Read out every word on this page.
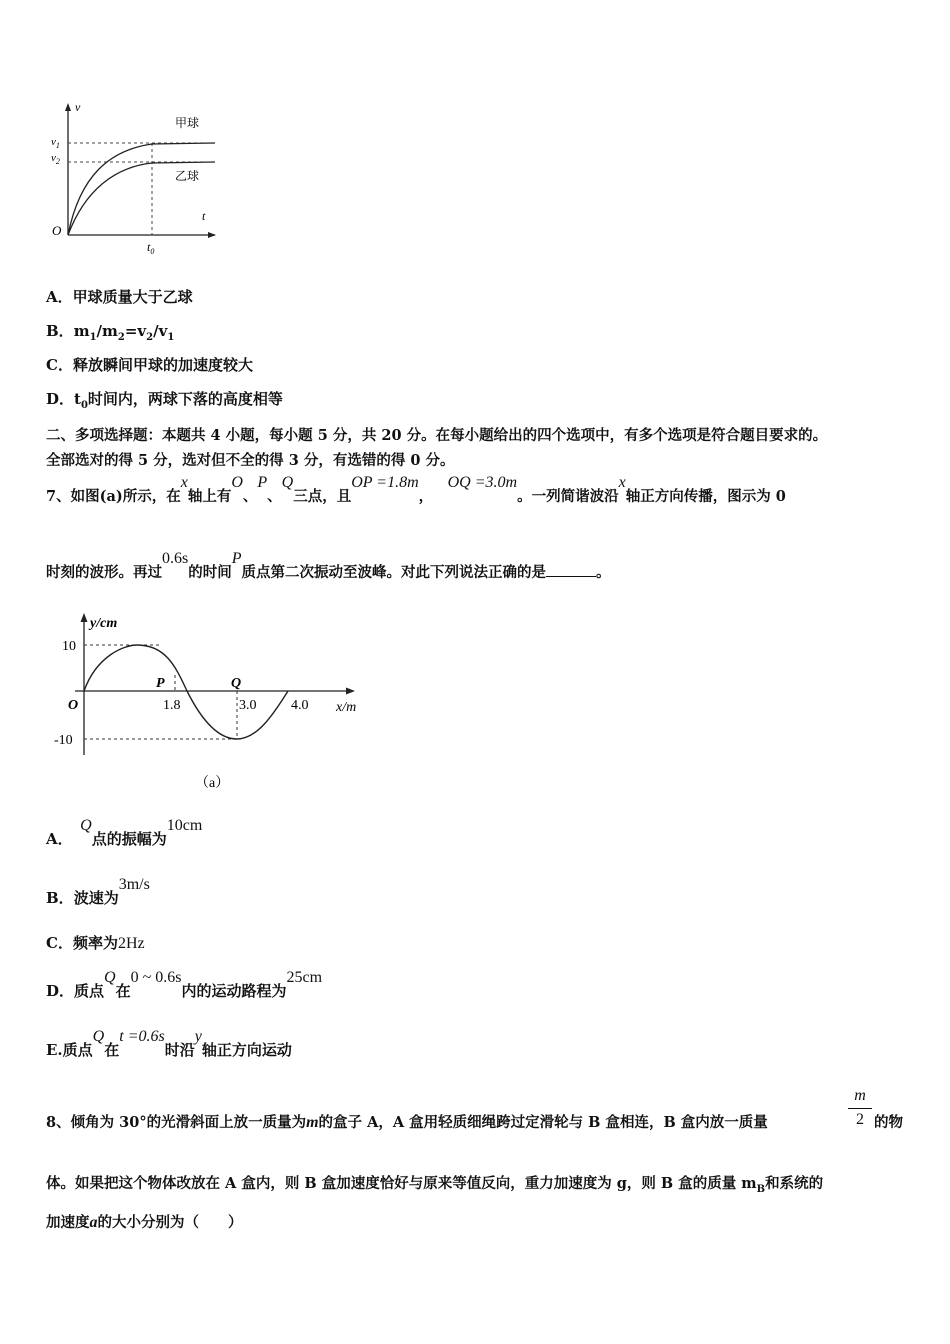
v
t
O
$v_1$
$v_2$
$t_0$
甲球
乙球
A．甲球质量大于乙球
B．$m_1/m_2=v_2/v_1$
C．释放瞬间甲球的加速度较大
D．$t_0$时间内，两球下落的高度相等
二、多项选择题：本题共 4 小题，每小题 5 分，共 20 分。在每小题给出的四个选项中，有多个选项是符合题目要求的。
全部选对的得 5 分，选对但不全的得 3 分，有选错的得 0 分。
7、如图(a)所示，在x轴上有O、P、Q三点，且OP =1.8m， OQ =3.0m。一列简谐波沿x轴正方向传播，图示为 0
时刻的波形。再过0.6s的时间P质点第二次振动至波峰。对此下列说法正确的是	。
y/cm
x/m
O
10
-10
P	Q
1.8	3.0 4.0
（a）
A． Q点的振幅为10cm
B．波速为3m/s
C．频率为2Hz
D．质点Q在0 ~ 0.6s内的运动路程为25cm
E.质点Q在t =0.6s时沿y轴正方向运动
8、倾角为 30°的光滑斜面上放一质量为m的盒子 A，A 盒用轻质细绳跨过定滑轮与 B 盒相连，B 盒内放一质量
m
2 的物
体。如果把这个物体改放在 A 盒内，则 B 盒加速度恰好与原来等值反向，重力加速度为 g，则 B 盒的质量 $m_B$和系统的
加速度a的大小分别为（　　）
